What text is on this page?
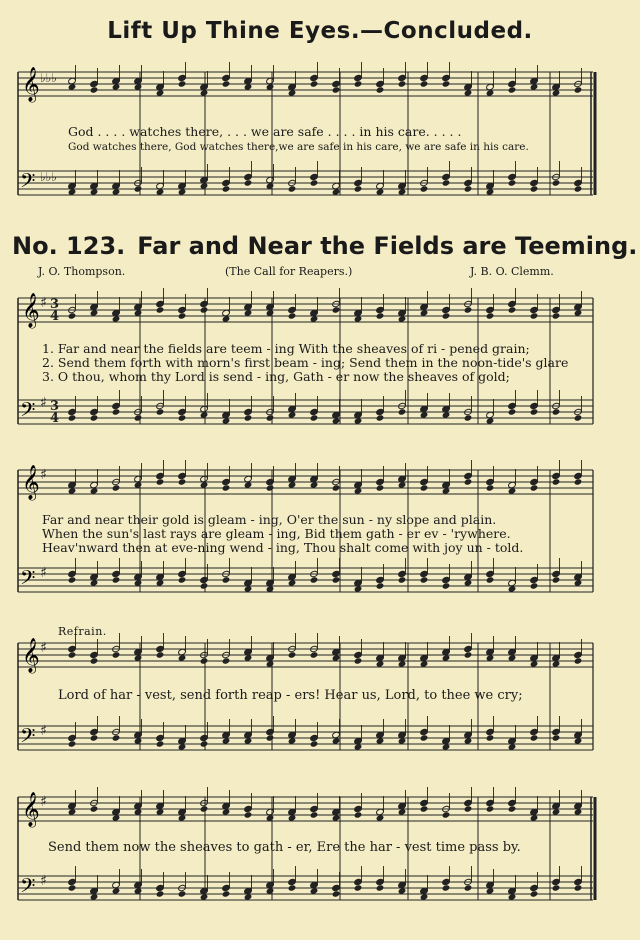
𝄞
𝄢
𝄞
𝄢
𝄞
𝄢
𝄞
𝄢
𝄞
𝄢
3
4
3
4
♯
♯
♯
♯
♯
♯
♯
♯
♭♭♭
♭♭♭
Lift Up Thine Eyes.—Concluded.
God . . . . watches there, . . . we are safe . . . . in his care. . . . .
God watches there, God watches there,we are safe in his care, we are safe in his care.
No. 123. Far and Near the Fields are Teeming.
J. O. Thompson.	(The Call for Reapers.)	J. B. O. Clemm.
1. Far and near the fields are teem - ing With the sheaves of ri - pened grain;
2. Send them forth with morn's first beam - ing; Send them in the noon-tide's glare
3. O thou, whom thy Lord is send - ing, Gath - er now the sheaves of gold;
Far and near their gold is gleam - ing, O'er the sun - ny slope and plain.
When the sun's last rays are gleam - ing, Bid them gath - er ev - 'rywhere.
Heav'nward then at eve-ning wend - ing, Thou shalt come with joy un - told.
Refrain.
Lord of har - vest, send forth reap - ers! Hear us, Lord, to thee we cry;
Send them now the sheaves to gath - er, Ere the har - vest time pass by.
